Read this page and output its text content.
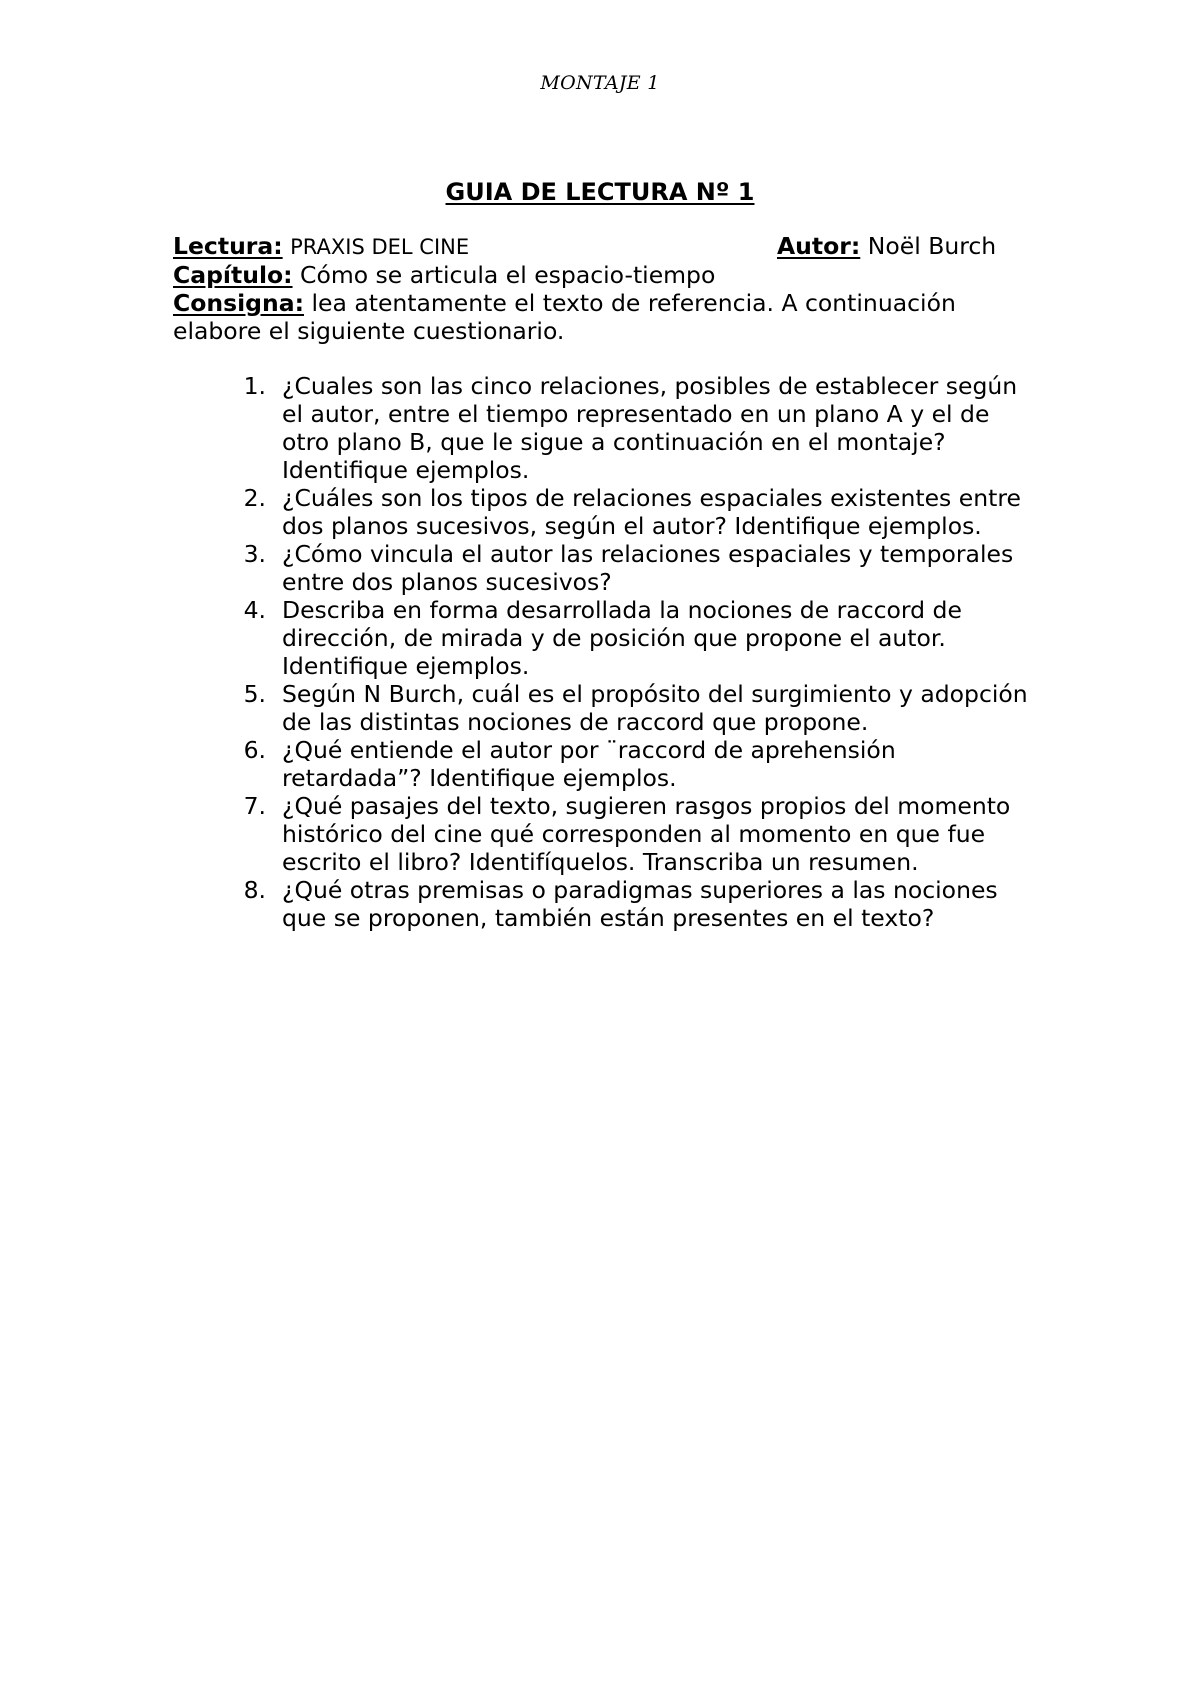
MONTAJE 1
GUIA DE LECTURA Nº 1
Lectura: PRAXIS DEL CINE	Autor: Noël Burch
Capítulo: Cómo se articula el espacio-tiempo
Consigna: lea atentamente el texto de referencia. A continuación
elabore el siguiente cuestionario.
1. ¿Cuales son las cinco relaciones, posibles de establecer según
el autor, entre el tiempo representado en un plano A y el de
otro plano B, que le sigue a continuación en el montaje?
Identifique ejemplos.
2. ¿Cuáles son los tipos de relaciones espaciales existentes entre
dos planos sucesivos, según el autor? Identifique ejemplos.
3. ¿Cómo vincula el autor las relaciones espaciales y temporales
entre dos planos sucesivos?
4. Describa en forma desarrollada la nociones de raccord de
dirección, de mirada y de posición que propone el autor.
Identifique ejemplos.
5. Según N Burch, cuál es el propósito del surgimiento y adopción
de las distintas nociones de raccord que propone.
6. ¿Qué entiende el autor por ¨raccord de aprehensión
retardada”? Identifique ejemplos.
7. ¿Qué pasajes del texto, sugieren rasgos propios del momento
histórico del cine qué corresponden al momento en que fue
escrito el libro? Identifíquelos. Transcriba un resumen.
8. ¿Qué otras premisas o paradigmas superiores a las nociones
que se proponen, también están presentes en el texto?
